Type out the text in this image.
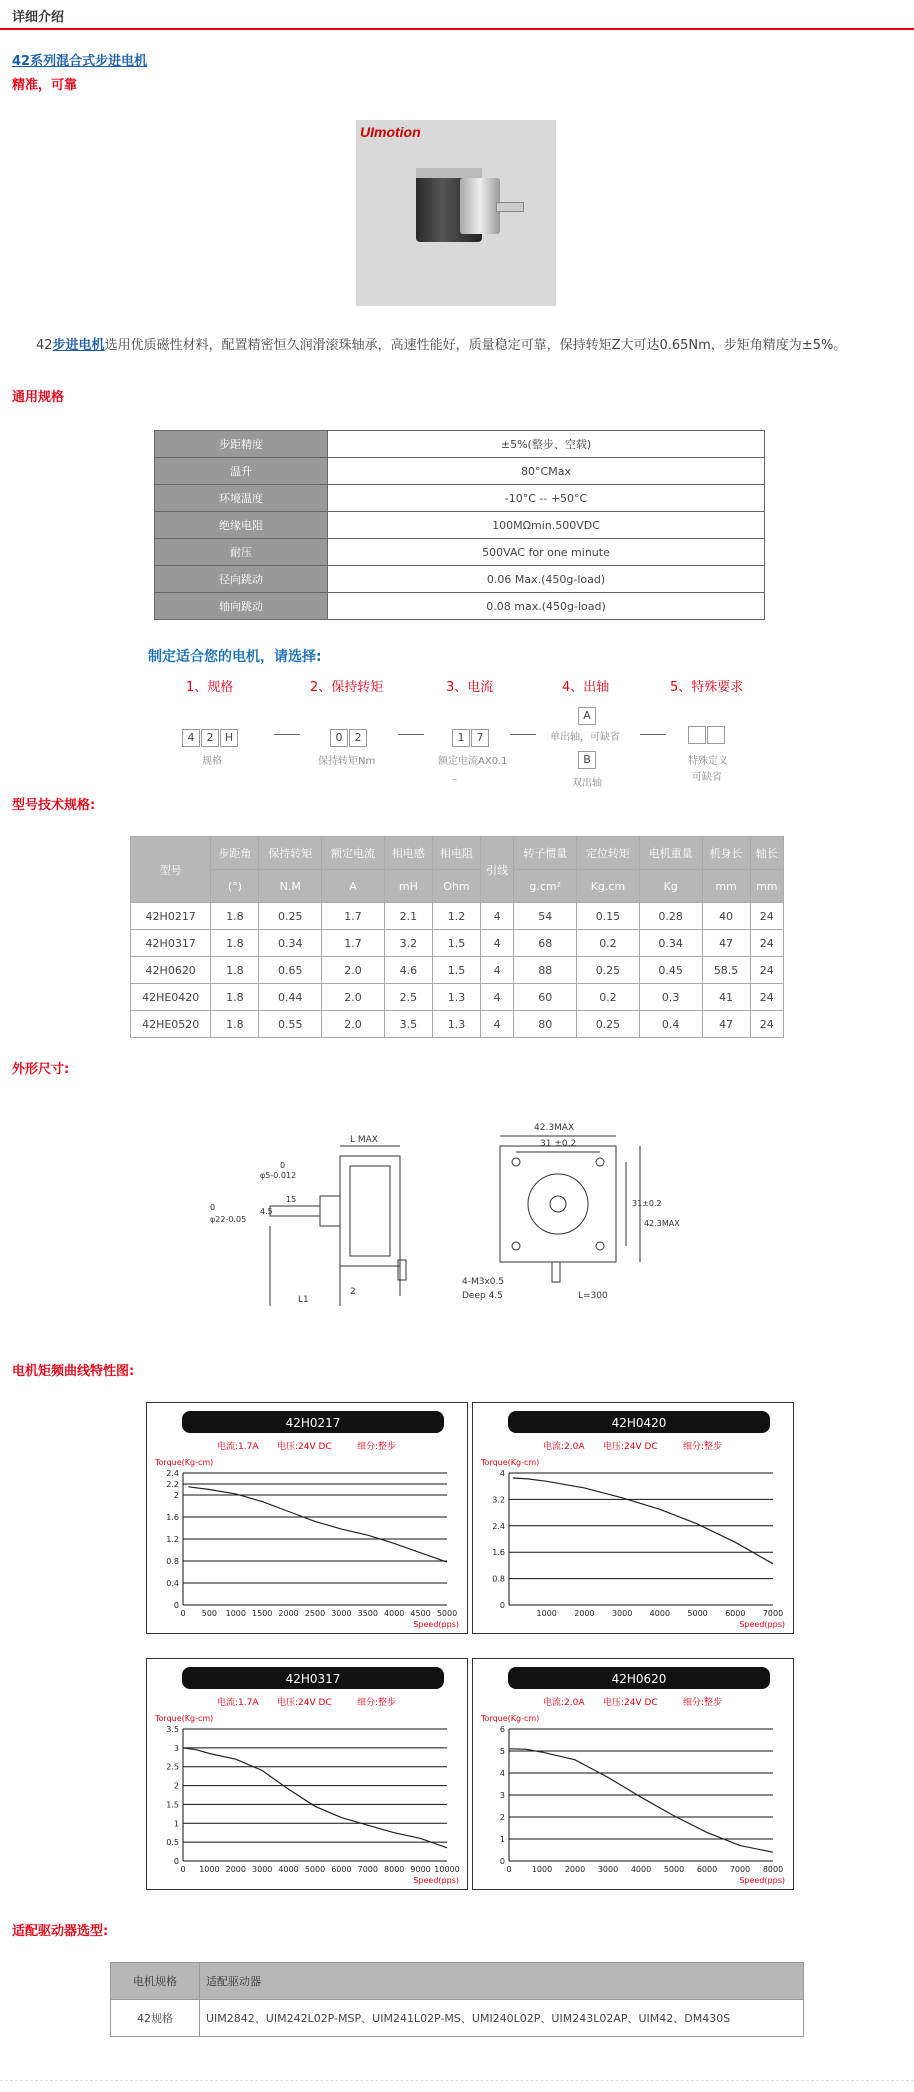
详细介绍
42系列混合式步进电机
精准，可靠
UImotion
42步进电机选用优质磁性材料，配置精密恒久润滑滚珠轴承，高速性能好，质量稳定可靠，保持转矩Z大可达0.65Nm，步矩角精度为±5%。
通用规格
步距精度	±5%(整步、空载)
温升	80°CMax
环境温度	-10°C -- +50°C
绝缘电阻	100MΩmin.500VDC
耐压	500VAC for one minute
径向跳动	0.06 Max.(450g-load)
轴向跳动	0.08 max.(450g-load)
制定适合您的电机，请选择:
1、规格	2、保持转矩	3、电流	4、出轴	5、特殊要求
4 2 H
规格
0 2
保持转矩Nm
1 7
额定电流AX0.1
–
A
单出轴，可缺省
B
双出轴
特殊定义
可缺省
型号技术规格:
型号	步距角	保持转矩	额定电流	相电感	相电阻	引线	转子惯量	定位转矩	电机重量	机身长	轴长
	(°)	N.M	A	mH	Ohm		g.cm²	Kg.cm	Kg	mm	mm
42H0217	1.8	0.25	1.7	2.1	1.2	4	54	0.15	0.28	40	24
42H0317	1.8	0.34	1.7	3.2	1.5	4	68	0.2	0.34	47	24
42H0620	1.8	0.65	2.0	4.6	1.5	4	88	0.25	0.45	58.5	24
42HE0420	1.8	0.44	2.0	2.5	1.3	4	60	0.2	0.3	41	24
42HE0520	1.8	0.55	2.0	3.5	1.3	4	80	0.25	0.4	47	24
外形尺寸:
L MAX
0
φ5-0.012
15
4.5
0
φ22-0.05
L1
2
42.3MAX
31 ±0.2
31±0.2
42.3MAX
4-M3x0.5
Deep 4.5	L=300
电机矩频曲线特性图:
42H0217
电流:1.7A 电压:24V DC	细分:整步
Torque(Kg-cm)
Speed(pps)
0
0.4
0.8
1.2
1.6
2
2.2
2.4
0 500 1000 1500 2000 2500 3000 3500 4000 4500 5000
42H0420
电流:2.0A 电压:24V DC	细分:整步
Torque(Kg-cm)
Speed(pps)
0
0.8
1.6
2.4
3.2
4
1000 2000 3000 4000 5000 6000 7000
42H0317
电流:1.7A 电压:24V DC	细分:整步
Torque(Kg-cm)
Speed(pps)
0
0.5
1
1.5
2
2.5
3
3.5
0 1000 2000 3000 4000 5000 6000 7000 8000 9000 10000
42H0620
电流:2.0A 电压:24V DC	细分:整步
Torque(Kg-cm)
Speed(pps)
0
1
2
3
4
5
6
0	1000 2000 3000 4000 5000 6000 7000 8000
适配驱动器选型:
电机规格	适配驱动器
42规格	UIM2842、UIM242L02P-MSP、UIM241L02P-MS、UMI240L02P、UIM243L02AP、UIM42、DM430S
